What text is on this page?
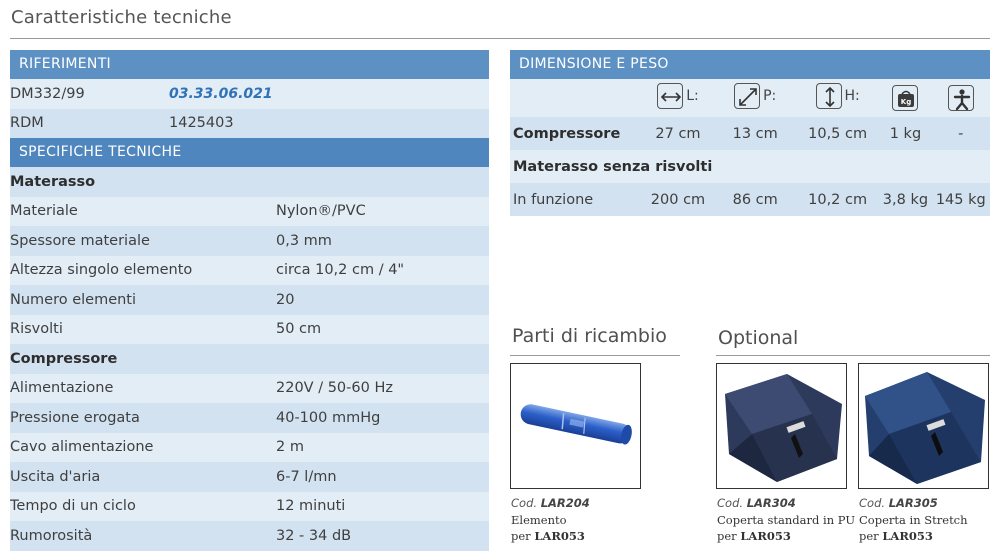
Caratteristiche tecniche
RIFERIMENTI
DM332/99	03.33.06.021
RDM	1425403
SPECIFICHE TECNICHE
Materasso
Materiale	Nylon®/PVC
Spessore materiale	0,3 mm
Altezza singolo elemento	circa 10,2 cm / 4"
Numero elementi	20
Risvolti	50 cm
Compressore
Alimentazione	220V / 50-60 Hz
Pressione erogata	40-100 mmHg
Cavo alimentazione	2 m
Uscita d'aria	6-7 l/mn
Tempo di un ciclo	12 minuti
Rumorosità	32 - 34 dB
DIMENSIONE E PESO

	L:	P:	H:	Kg

Compressore	27 cm	13 cm	10,5 cm	1 kg	-
Materasso senza risvolti					
In funzione	200 cm	86 cm	10,2 cm	3,8 kg	145 kg
Parti di ricambio
Cod. LAR204
Elemento
per LAR053
Optional
Cod. LAR304
Coperta standard in PU
per LAR053
Cod. LAR305
Coperta in Stretch
per LAR053
